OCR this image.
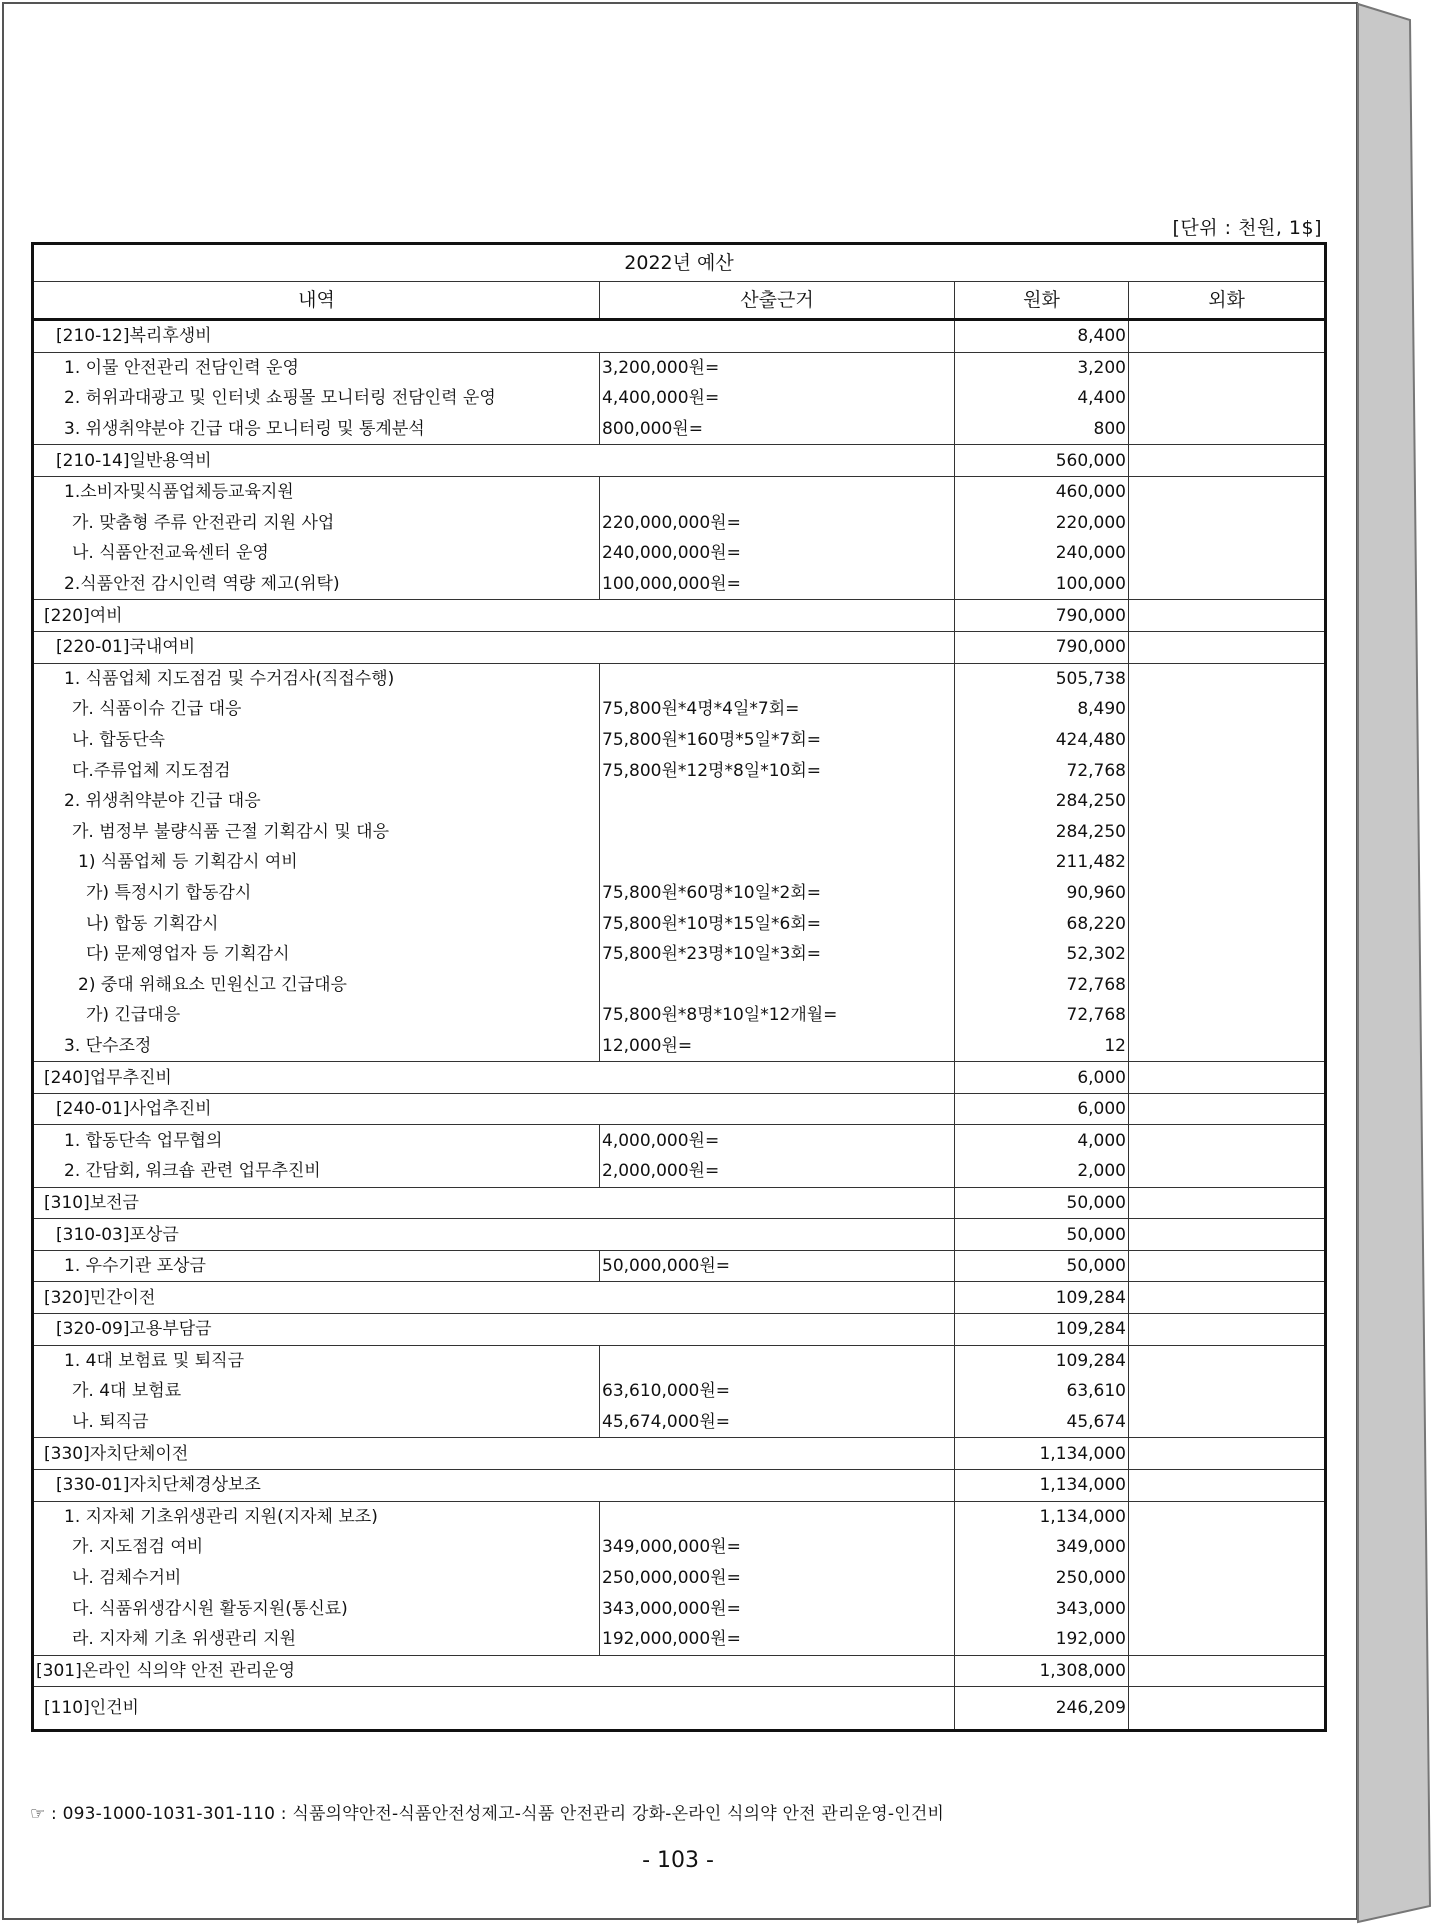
[단위 : 천원, 1$]
2022년 예산			
내역	산출근거	원화	외화
[210-12]복리후생비		8,400	
1. 이물 안전관리 전담인력 운영	3,200,000원=	3,200	
2. 허위과대광고 및 인터넷 쇼핑몰 모니터링 전담인력 운영	4,400,000원=	4,400	
3. 위생취약분야 긴급 대응 모니터링 및 통계분석	800,000원=	800	
[210-14]일반용역비		560,000	
1.소비자및식품업체등교육지원		460,000	
가. 맞춤형 주류 안전관리 지원 사업	220,000,000원=	220,000	
나. 식품안전교육센터 운영	240,000,000원=	240,000	
2.식품안전 감시인력 역량 제고(위탁)	100,000,000원=	100,000	
[220]여비		790,000	
[220-01]국내여비		790,000	
1. 식품업체 지도점검 및 수거검사(직접수행)		505,738	
가. 식품이슈 긴급 대응	75,800원*4명*4일*7회=	8,490	
나. 합동단속	75,800원*160명*5일*7회=	424,480	
다.주류업체 지도점검	75,800원*12명*8일*10회=	72,768	
2. 위생취약분야 긴급 대응		284,250	
가. 범정부 불량식품 근절 기획감시 및 대응		284,250	
1) 식품업체 등 기획감시 여비		211,482	
가) 특정시기 합동감시	75,800원*60명*10일*2회=	90,960	
나) 합동 기획감시	75,800원*10명*15일*6회=	68,220	
다) 문제영업자 등 기획감시	75,800원*23명*10일*3회=	52,302	
2) 중대 위해요소 민원신고 긴급대응		72,768	
가) 긴급대응	75,800원*8명*10일*12개월=	72,768	
3. 단수조정	12,000원=	12	
[240]업무추진비		6,000	
[240-01]사업추진비		6,000	
1. 합동단속 업무협의	4,000,000원=	4,000	
2. 간담회, 워크숍 관련 업무추진비	2,000,000원=	2,000	
[310]보전금		50,000	
[310-03]포상금		50,000	
1. 우수기관 포상금	50,000,000원=	50,000	
[320]민간이전		109,284	
[320-09]고용부담금		109,284	
1. 4대 보험료 및 퇴직금		109,284	
가. 4대 보험료	63,610,000원=	63,610	
나. 퇴직금	45,674,000원=	45,674	
[330]자치단체이전		1,134,000	
[330-01]자치단체경상보조		1,134,000	
1. 지자체 기초위생관리 지원(지자체 보조)		1,134,000	
가. 지도점검 여비	349,000,000원=	349,000	
나. 검체수거비	250,000,000원=	250,000	
다. 식품위생감시원 활동지원(통신료)	343,000,000원=	343,000	
라. 지자체 기초 위생관리 지원	192,000,000원=	192,000	
[301]온라인 식의약 안전 관리운영		1,308,000	
[110]인건비		246,209	
☞ : 093-1000-1031-301-110 : 식품의약안전-식품안전성제고-식품 안전관리 강화-온라인 식의약 안전 관리운영-인건비
- 103 -
